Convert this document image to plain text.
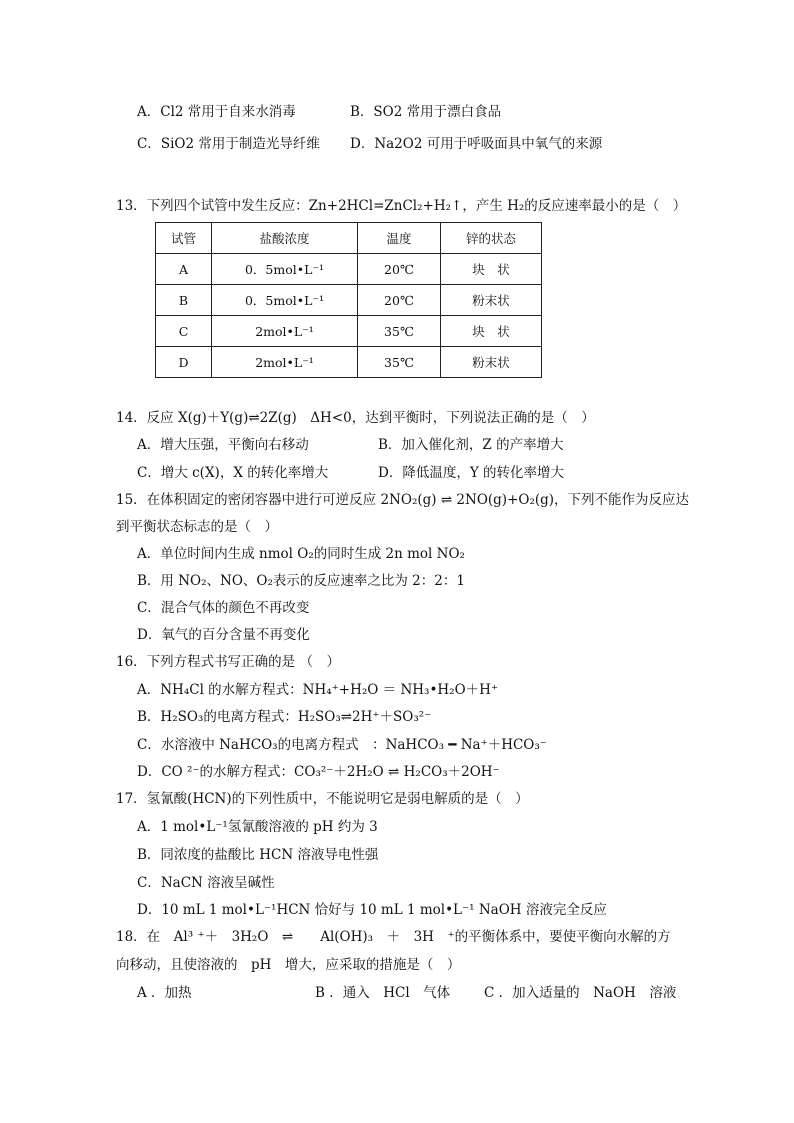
A．Cl2 常用于自来水消毒	B．SO2 常用于漂白食品
C．SiO2 常用于制造光导纤维 D．Na2O2 可用于呼吸面具中氧气的来源
13．下列四个试管中发生反应：Zn+2HCl=ZnCl₂+H₂↑，产生 H₂的反应速率最小的是（　）
试管	盐酸浓度	温度	锌的状态
A	0．5mol•L⁻¹	20℃	块　状
B	0．5mol•L⁻¹	20℃	粉末状
C	2mol•L⁻¹	35℃	块　状
D	2mol•L⁻¹	35℃	粉末状
14．反应 X(g)＋Y(g)⇌2Z(g)　ΔH<0，达到平衡时，下列说法正确的是（　）
A．增大压强，平衡向右移动	B．加入催化剂，Z 的产率增大
C．增大 c(X)，X 的转化率增大	D．降低温度，Y 的转化率增大
15．在体积固定的密闭容器中进行可逆反应 2NO₂(g) ⇌ 2NO(g)+O₂(g)，下列不能作为反应达
到平衡状态标志的是（　）
A．单位时间内生成 nmol O₂的同时生成 2n mol NO₂
B．用 NO₂、NO、O₂表示的反应速率之比为 2：2：1
C．混合气体的颜色不再改变
D．氧气的百分含量不再变化
16．下列方程式书写正确的是 （　）
A．NH₄Cl 的水解方程式：NH₄⁺+H₂O ＝ NH₃•H₂O＋H⁺
B．H₂SO₃的电离方程式：H₂SO₃⇌2H⁺＋SO₃²⁻
C．水溶液中 NaHCO₃的电离方程式　：NaHCO₃ ━ Na⁺＋HCO₃⁻
D．CO ²⁻的水解方程式：CO₃²⁻＋2H₂O ⇌ H₂CO₃＋2OH⁻
17．氢氰酸(HCN)的下列性质中，不能说明它是弱电解质的是（　）
A．1 mol•L⁻¹氢氰酸溶液的 pH 约为 3
B．同浓度的盐酸比 HCN 溶液导电性强
C．NaCN 溶液呈碱性
D．10 mL 1 mol•L⁻¹HCN 恰好与 10 mL 1 mol•L⁻¹ NaOH 溶液完全反应
18．在　Al³ ⁺＋　3H₂O　⇌　　Al(OH)₃　＋　3H　⁺的平衡体系中，要使平衡向水解的方
向移动，且使溶液的　pH　增大，应采取的措施是（　）
A ．加热	B ．通入　HCl　气体	C ．加入适量的　NaOH　溶液
